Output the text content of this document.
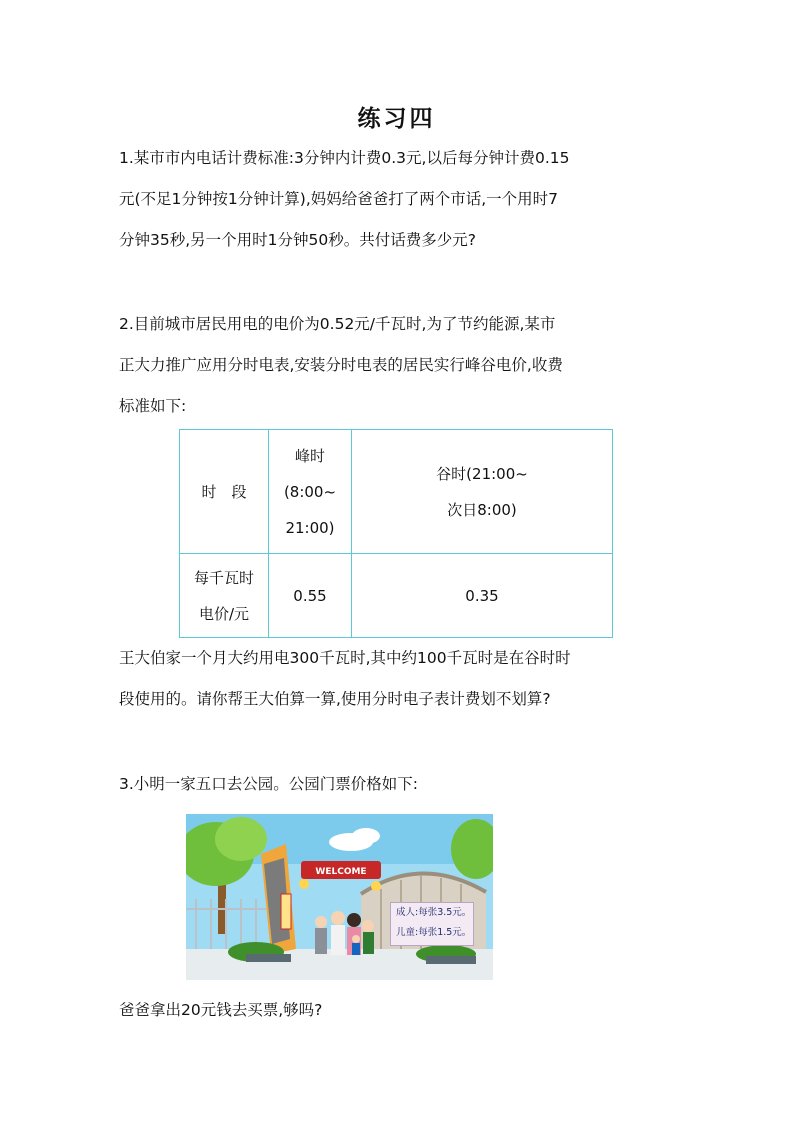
练习四
1.某市市内电话计费标准:3分钟内计费0.3元,以后每分钟计费0.15
元(不足1分钟按1分钟计算),妈妈给爸爸打了两个市话,一个用时7
分钟35秒,另一个用时1分钟50秒。共付话费多少元?
2.目前城市居民用电的电价为0.52元/千瓦时,为了节约能源,某市
正大力推广应用分时电表,安装分时电表的居民实行峰谷电价,收费
标准如下:
时　段	峰时
(8:00~
21:00)	谷时(21:00~
次日8:00)

每千瓦时
电价/元	0.55	0.35
王大伯家一个月大约用电300千瓦时,其中约100千瓦时是在谷时时
段使用的。请你帮王大伯算一算,使用分时电子表计费划不划算?
3.小明一家五口去公园。公园门票价格如下:
WELCOME
成人:每张3.5元。
儿童:每张1.5元。
爸爸拿出20元钱去买票,够吗?
